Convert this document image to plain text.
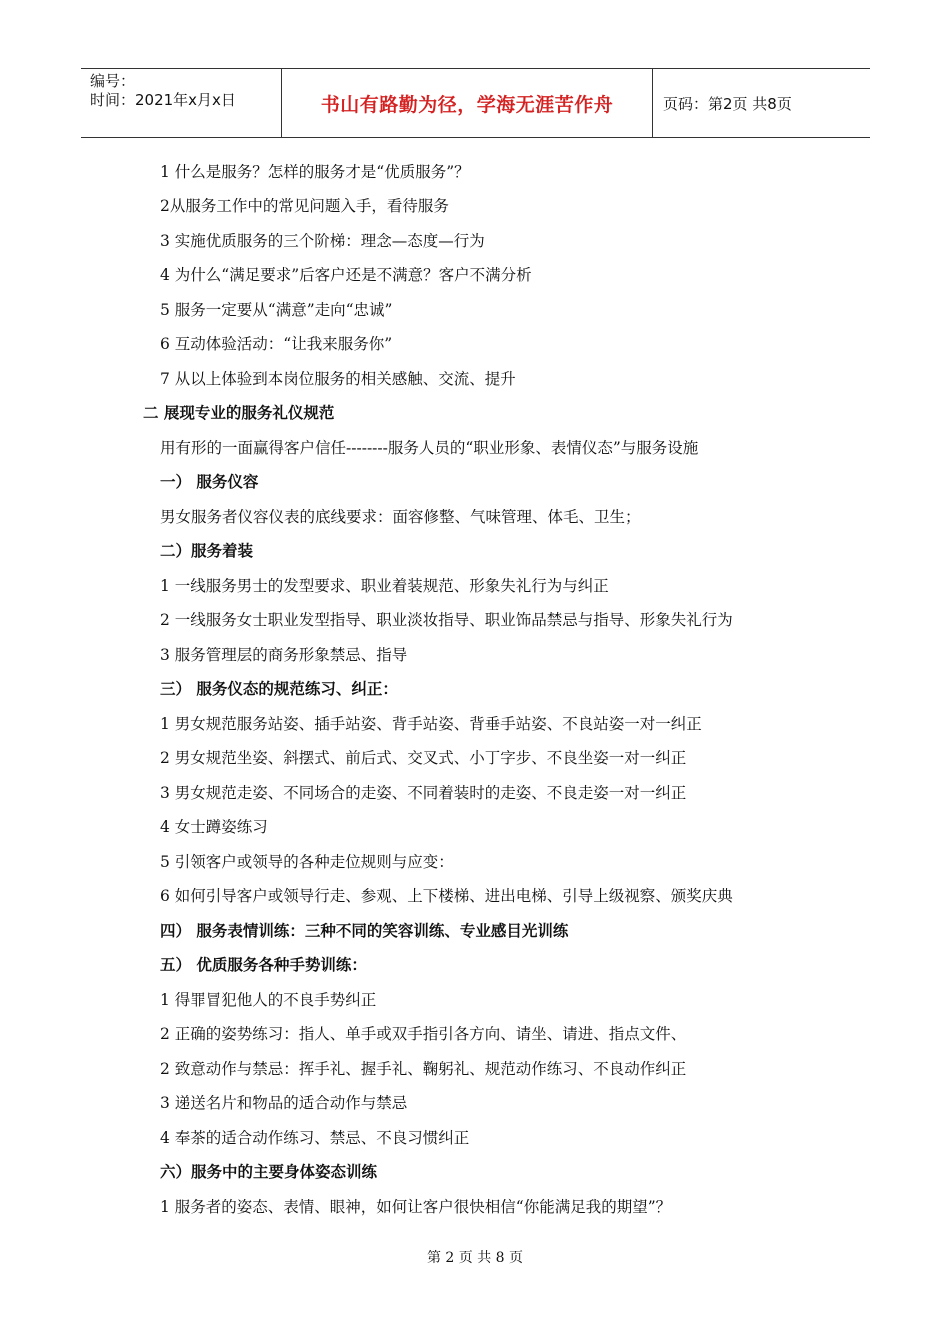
编号：
时间：2021年x月x日	书山有路勤为径，学海无涯苦作舟	页码：第2页 共8页
1 什么是服务？怎样的服务才是“优质服务”？
2从服务工作中的常见问题入手，看待服务
3 实施优质服务的三个阶梯：理念—态度—行为
4 为什么“满足要求”后客户还是不满意？客户不满分析
5 服务一定要从“满意”走向“忠诚”
6 互动体验活动：“让我来服务你”
7 从以上体验到本岗位服务的相关感触、交流、提升
二 展现专业的服务礼仪规范
用有形的一面赢得客户信任--------服务人员的“职业形象、表情仪态”与服务设施
一） 服务仪容
男女服务者仪容仪表的底线要求：面容修整、气味管理、体毛、卫生；
二）服务着装
1 一线服务男士的发型要求、职业着装规范、形象失礼行为与纠正
2 一线服务女士职业发型指导、职业淡妆指导、职业饰品禁忌与指导、形象失礼行为
3 服务管理层的商务形象禁忌、指导
三） 服务仪态的规范练习、纠正：
1 男女规范服务站姿、插手站姿、背手站姿、背垂手站姿、不良站姿一对一纠正
2 男女规范坐姿、斜摆式、前后式、交叉式、小丁字步、不良坐姿一对一纠正
3 男女规范走姿、不同场合的走姿、不同着装时的走姿、不良走姿一对一纠正
4 女士蹲姿练习
5 引领客户或领导的各种走位规则与应变：
6 如何引导客户或领导行走、参观、上下楼梯、进出电梯、引导上级视察、颁奖庆典
四） 服务表情训练：三种不同的笑容训练、专业感目光训练
五） 优质服务各种手势训练：
1 得罪冒犯他人的不良手势纠正
2 正确的姿势练习：指人、单手或双手指引各方向、请坐、请进、指点文件、
2 致意动作与禁忌：挥手礼、握手礼、鞠躬礼、规范动作练习、不良动作纠正
3 递送名片和物品的适合动作与禁忌
4 奉茶的适合动作练习、禁忌、不良习惯纠正
六）服务中的主要身体姿态训练
1 服务者的姿态、表情、眼神，如何让客户很快相信“你能满足我的期望”？
第 2 页 共 8 页
